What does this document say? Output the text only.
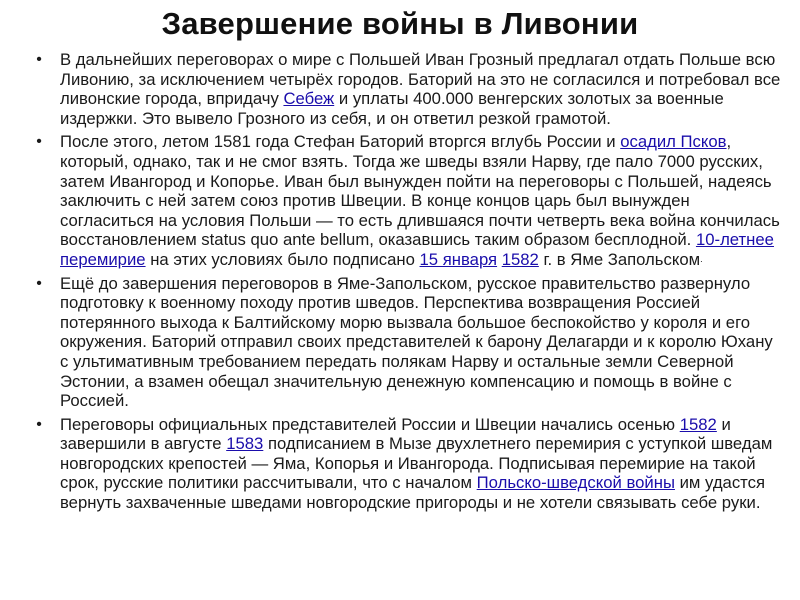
Завершение войны в Ливонии
• В дальнейших переговорах о мире с Польшей Иван Грозный предлагал отдать Польше всю Ливонию, за исключением четырёх городов. Баторий на это не согласился и потребовал все ливонские города, впридачу Себеж и уплаты 400.000 венгерских золотых за военные издержки. Это вывело Грозного из себя, и он ответил резкой грамотой.
• После этого, летом 1581 года Стефан Баторий вторгся вглубь России и осадил Псков, который, однако, так и не смог взять. Тогда же шведы взяли Нарву, где пало 7000 русских, затем Ивангород и Копорье. Иван был вынужден пойти на переговоры с Польшей, надеясь заключить с ней затем союз против Швеции. В конце концов царь был вынужден согласиться на условия Польши — то есть длившаяся почти четверть века война кончилась восстановлением status quo ante bellum, оказавшись таким образом бесплодной. 10-летнее перемирие на этих условиях было подписано 15 января 1582 г. в Яме Запольском.
• Ещё до завершения переговоров в Яме-Запольском, русское правительство развернуло подготовку к военному походу против шведов. Перспектива возвращения Россией потерянного выхода к Балтийскому морю вызвала большое беспокойство у короля и его окружения. Баторий отправил своих представителей к барону Делагарди и к королю Юхану с ультимативным требованием передать полякам Нарву и остальные земли Северной Эстонии, а взамен обещал значительную денежную компенсацию и помощь в войне с Россией.
• Переговоры официальных представителей России и Швеции начались осенью 1582 и завершили в августе 1583 подписанием в Мызе двухлетнего перемирия с уступкой шведам новгородских крепостей — Яма, Копорья и Ивангорода. Подписывая перемирие на такой срок, русские политики рассчитывали, что с началом Польско-шведской войны им удастся вернуть захваченные шведами новгородские пригороды и не хотели связывать себе руки.
